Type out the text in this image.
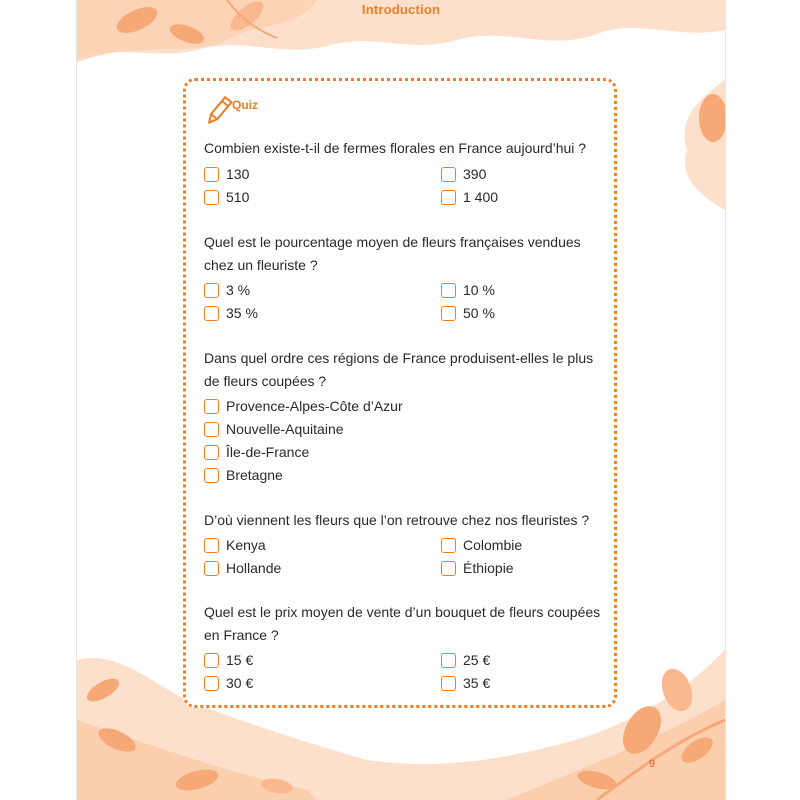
Introduction
Quiz
Combien existe-t-il de fermes florales en France aujourd’hui ?
130	390
510	1 400
Quel est le pourcentage moyen de fleurs françaises vendues chez un fleuriste ?
3 %	10 %
35 %	50 %
Dans quel ordre ces régions de France produisent-elles le plus de fleurs coupées ?
Provence-Alpes-Côte d’Azur
Nouvelle-Aquitaine
Île-de-France
Bretagne
D’où viennent les fleurs que l’on retrouve chez nos fleuristes ?
Kenya	Colombie
Hollande	Éthiopie
Quel est le prix moyen de vente d’un bouquet de fleurs coupées en France ?
15 €	25 €
30 €	35 €
9
